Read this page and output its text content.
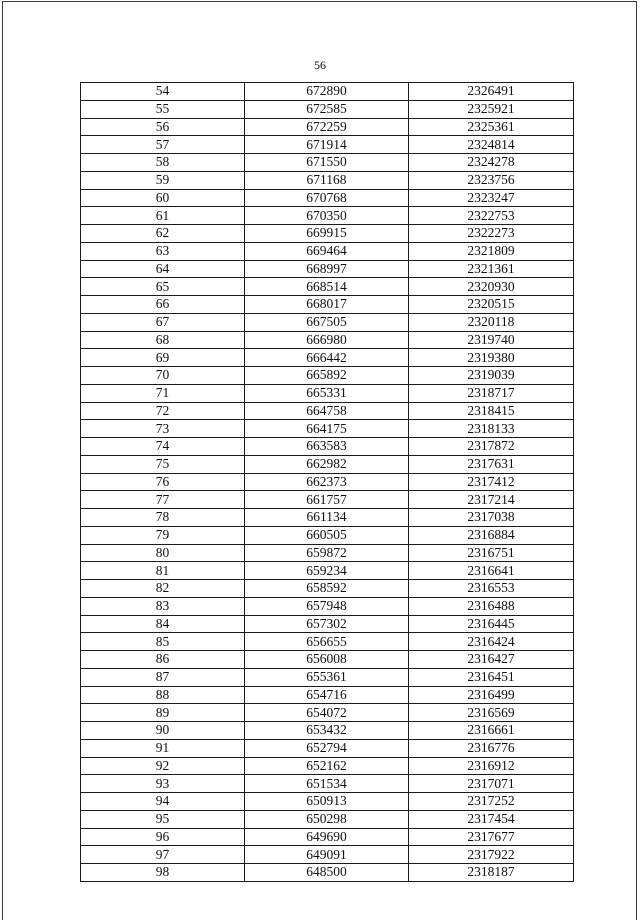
56
54	672890	2326491
55	672585	2325921
56	672259	2325361
57	671914	2324814
58	671550	2324278
59	671168	2323756
60	670768	2323247
61	670350	2322753
62	669915	2322273
63	669464	2321809
64	668997	2321361
65	668514	2320930
66	668017	2320515
67	667505	2320118
68	666980	2319740
69	666442	2319380
70	665892	2319039
71	665331	2318717
72	664758	2318415
73	664175	2318133
74	663583	2317872
75	662982	2317631
76	662373	2317412
77	661757	2317214
78	661134	2317038
79	660505	2316884
80	659872	2316751
81	659234	2316641
82	658592	2316553
83	657948	2316488
84	657302	2316445
85	656655	2316424
86	656008	2316427
87	655361	2316451
88	654716	2316499
89	654072	2316569
90	653432	2316661
91	652794	2316776
92	652162	2316912
93	651534	2317071
94	650913	2317252
95	650298	2317454
96	649690	2317677
97	649091	2317922
98	648500	2318187
